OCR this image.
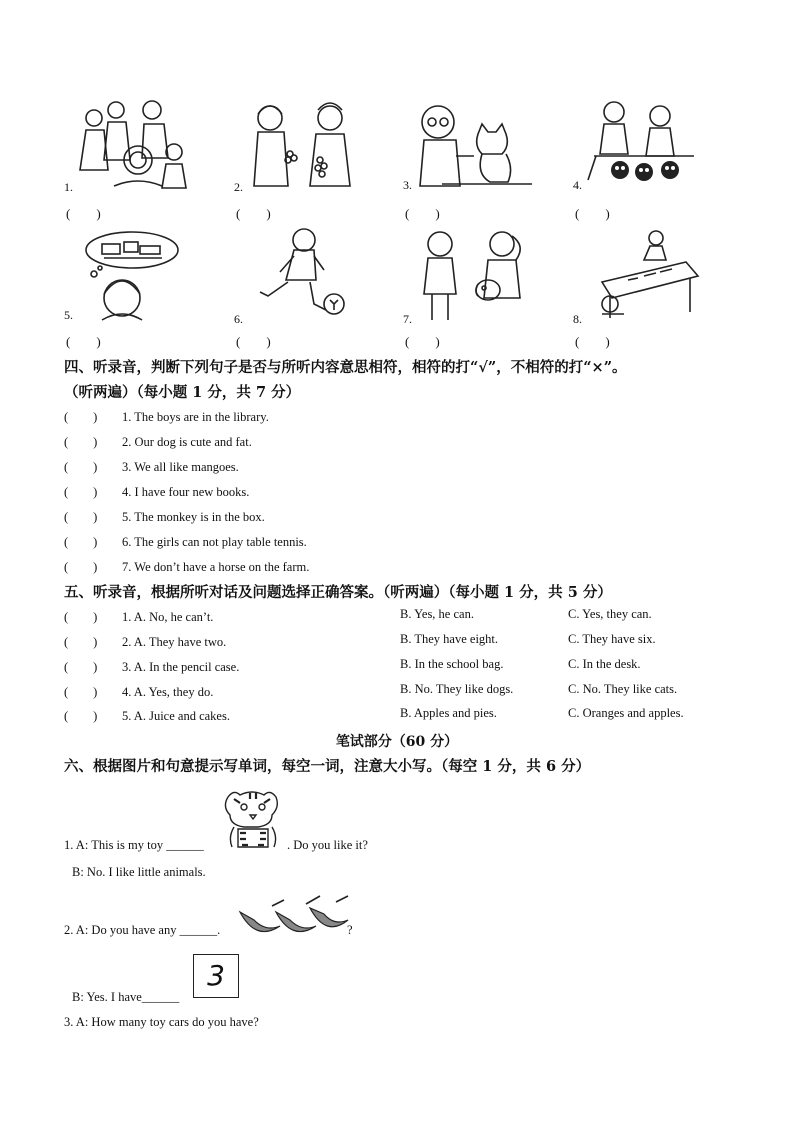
1.	2.	3.	4.
(　　)	(　　)	(　　)	(　　)
5.	6.	7.	8.
(　　)	(　　)	(　　)	(　　)
四、听录音，判断下列句子是否与所听内容意思相符，相符的打“√”，不相符的打“×”。
（听两遍）（每小题 1 分，共 7 分）
(　　) 1. The boys are in the library.
(　　) 2. Our dog is cute and fat.
(　　) 3. We all like mangoes.
(　　) 4. I have four new books.
(　　) 5. The monkey is in the box.
(　　) 6. The girls can not play table tennis.
(　　) 7. We don’t have a horse on the farm.
五、听录音，根据所听对话及问题选择正确答案。（听两遍）（每小题 1 分，共 5 分）
(　　) 1. A. No, he can’t.	B. Yes, he can.	C. Yes, they can.
(　　) 2. A. They have two.	B. They have eight.	C. They have six.
(　　) 3. A. In the pencil case.	B. In the school bag.	C. In the desk.
(　　) 4. A. Yes, they do.	B. No. They like dogs.	C. No. They like cats.
(　　) 5. A. Juice and cakes.	B. Apples and pies.	C. Oranges and apples.
笔试部分（60 分）
六、根据图片和句意提示写单词，每空一词，注意大小写。（每空 1 分，共 6 分）
1. A: This is my toy ______	. Do you like it?
B: No. I like little animals.
2. A: Do you have any ______.	?
3
B: Yes. I have______
3. A: How many toy cars do you have?
